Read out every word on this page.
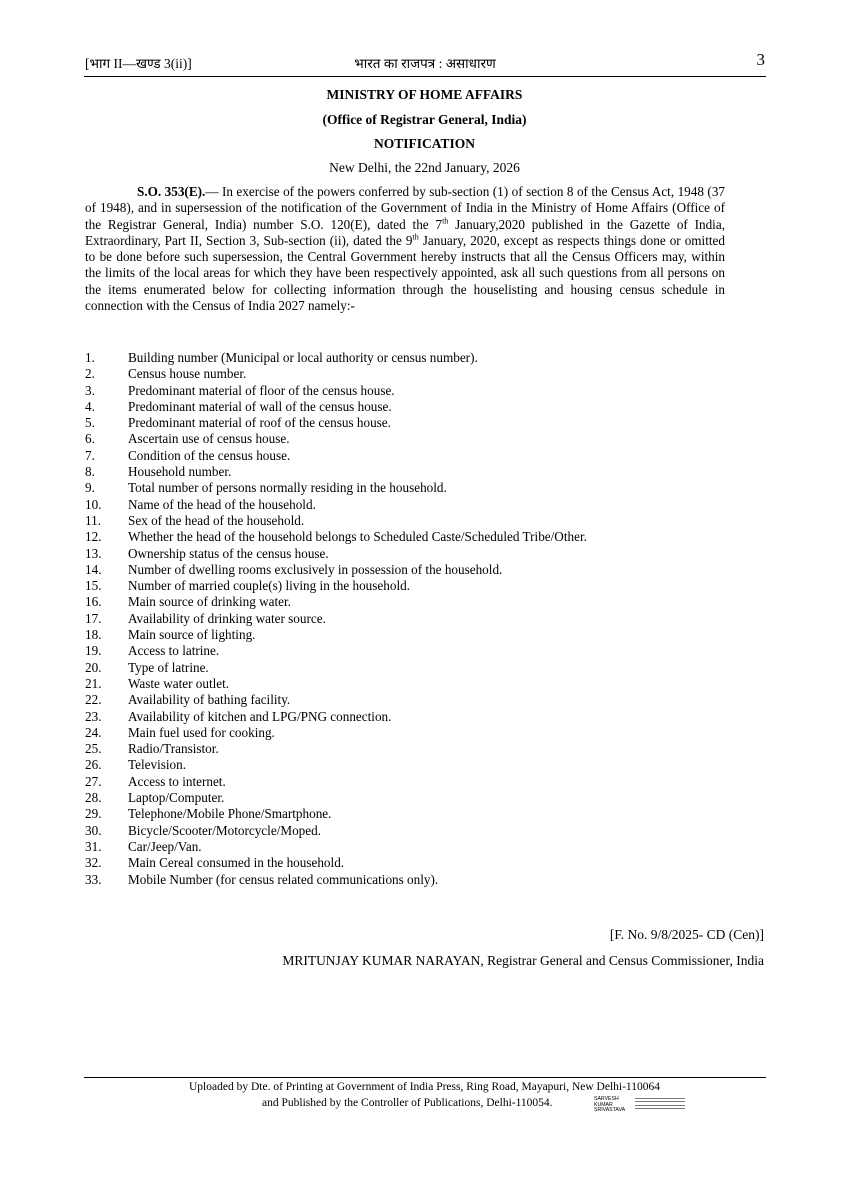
[भाग II—खण्ड 3(ii)]	भारत का राजपत्र : असाधारण	3
MINISTRY OF HOME AFFAIRS
(Office of Registrar General, India)
NOTIFICATION
New Delhi, the 22nd January, 2026
S.O. 353(E).— In exercise of the powers conferred by sub-section (1) of section 8 of the Census Act, 1948 (37 of 1948), and in supersession of the notification of the Government of India in the Ministry of Home Affairs (Office of the Registrar General, India) number S.O. 120(E), dated the 7th January,2020 published in the Gazette of India, Extraordinary, Part II, Section 3, Sub-section (ii), dated the 9th January, 2020, except as respects things done or omitted to be done before such supersession, the Central Government hereby instructs that all the Census Officers may, within the limits of the local areas for which they have been respectively appointed, ask all such questions from all persons on the items enumerated below for collecting information through the houselisting and housing census schedule in connection with the Census of India 2027 namely:-
1.	Building number (Municipal or local authority or census number).
2.	Census house number.
3.	Predominant material of floor of the census house.
4.	Predominant material of wall of the census house.
5.	Predominant material of roof of the census house.
6.	Ascertain use of census house.
7.	Condition of the census house.
8.	Household number.
9.	Total number of persons normally residing in the household.
10. Name of the head of the household.
11. Sex of the head of the household.
12. Whether the head of the household belongs to Scheduled Caste/Scheduled Tribe/Other.
13. Ownership status of the census house.
14. Number of dwelling rooms exclusively in possession of the household.
15. Number of married couple(s) living in the household.
16. Main source of drinking water.
17. Availability of drinking water source.
18. Main source of lighting.
19. Access to latrine.
20. Type of latrine.
21. Waste water outlet.
22. Availability of bathing facility.
23. Availability of kitchen and LPG/PNG connection.
24. Main fuel used for cooking.
25. Radio/Transistor.
26. Television.
27. Access to internet.
28. Laptop/Computer.
29. Telephone/Mobile Phone/Smartphone.
30. Bicycle/Scooter/Motorcycle/Moped.
31. Car/Jeep/Van.
32. Main Cereal consumed in the household.
33. Mobile Number (for census related communications only).
[F. No. 9/8/2025- CD (Cen)]
MRITUNJAY KUMAR NARAYAN, Registrar General and Census Commissioner, India
Uploaded by Dte. of Printing at Government of India Press, Ring Road, Mayapuri, New Delhi-110064
and Published by the Controller of Publications, Delhi-110054.	SARVESH KUMAR SRIVASTAVA
